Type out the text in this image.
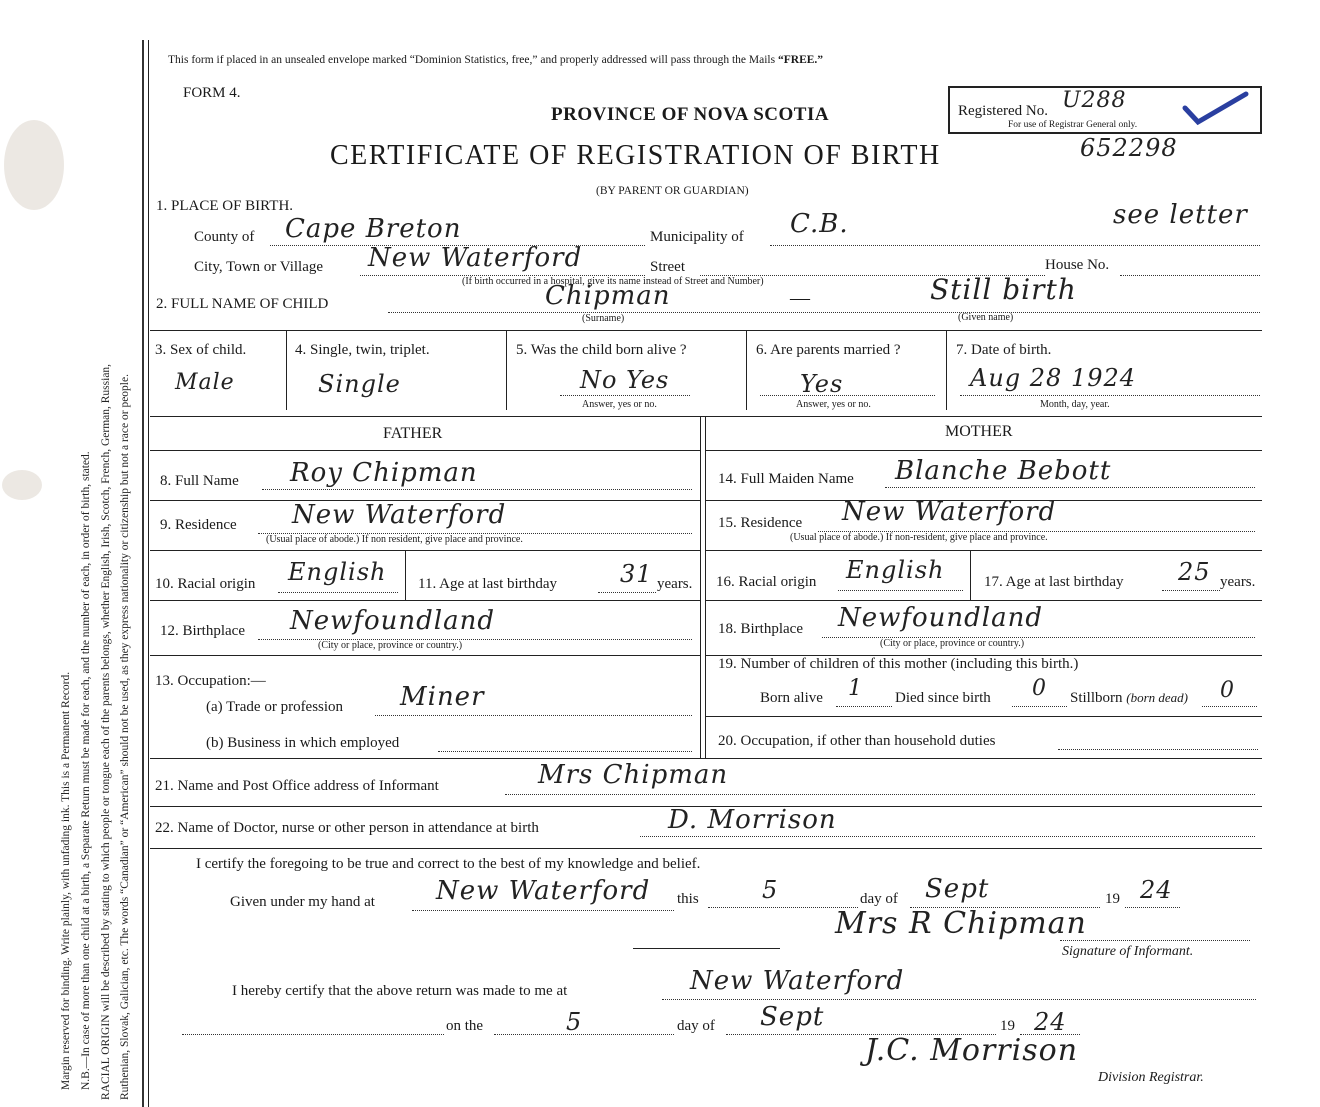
Margin reserved for binding. Write plainly, with unfading ink. This is a Permanent Record. N.B.—In case of more than one child at a birth, a Separate Return must be made for each, and the number of each, in order of birth, stated. RACIAL ORIGIN will be described by stating to which people or tongue each of the parents belongs, whether English, Irish, Scotch, French, German, Russian, Ruthenian, Slovak, Galician, etc. The words “Canadian” or “American” should not be used, as they express nationality or citizenship but not a race or people.
This form if placed in an unsealed envelope marked “Dominion Statistics, free,” and properly addressed will pass through the Mails “FREE.”
FORM 4.
PROVINCE OF NOVA SCOTIA
CERTIFICATE OF REGISTRATION OF BIRTH
(BY PARENT OR GUARDIAN)
Registered No. U288
For use of Registrar General only.
652298
1. PLACE OF BIRTH.
County of Cape Breton	Municipality of C.B.	see letter
City, Town or Village New Waterford	Street	House No.
(If birth occurred in a hospital, give its name instead of Street and Number)
2. FULL NAME OF CHILD	Chipman	—	Still birth
(Surname)	(Given name)
3. Sex of child.
Male
4. Single, twin, triplet.
Single
5. Was the child born alive ?
No Yes
Answer, yes or no.
6. Are parents married ?
Yes
Answer, yes or no.
7. Date of birth.
Aug 28 1924
Month, day, year.
FATHER	MOTHER
8. Full Name Roy Chipman
9. Residence New Waterford
(Usual place of abode.) If non resident, give place and province.
10. Racial origin English 11. Age at last birthday	31 years.
12. Birthplace Newfoundland
(City or place, province or country.)
13. Occupation:—
(a) Trade or profession Miner
(b) Business in which employed
14. Full Maiden Name Blanche Bebott
15. Residence New Waterford
(Usual place of abode.) If non-resident, give place and province.
16. Racial origin English	17. Age at last birthday 25 years.
18. Birthplace Newfoundland
(City or place, province or country.)
19. Number of children of this mother (including this birth.)
Born alive 1 Died since birth 0 Stillborn (born dead) 0
20. Occupation, if other than household duties
21. Name and Post Office address of Informant	Mrs Chipman
22. Name of Doctor, nurse or other person in attendance at birth	D. Morrison
I certify the foregoing to be true and correct to the best of my knowledge and belief.
Given under my hand at New Waterford this	5	day of Sept	19 24
Mrs R Chipman
Signature of Informant.
I hereby certify that the above return was made to me at	New Waterford
on the	5	day of Sept	19 24
J.C. Morrison
Division Registrar.
